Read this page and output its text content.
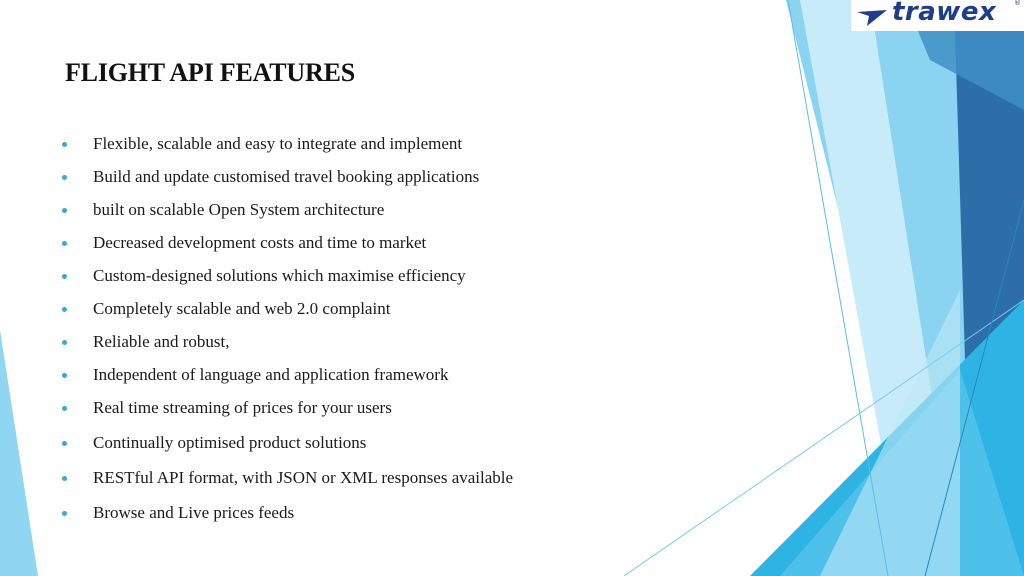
trawex	®
FLIGHT API FEATURES
Flexible, scalable and easy to integrate and implement
Build and update customised travel booking applications
built on scalable Open System architecture
Decreased development costs and time to market
Custom-designed solutions which maximise efficiency
Completely scalable and web 2.0 complaint
Reliable and robust,
Independent of language and application framework
Real time streaming of prices for your users
Continually optimised product solutions
RESTful API format, with JSON or XML responses available
Browse and Live prices feeds
